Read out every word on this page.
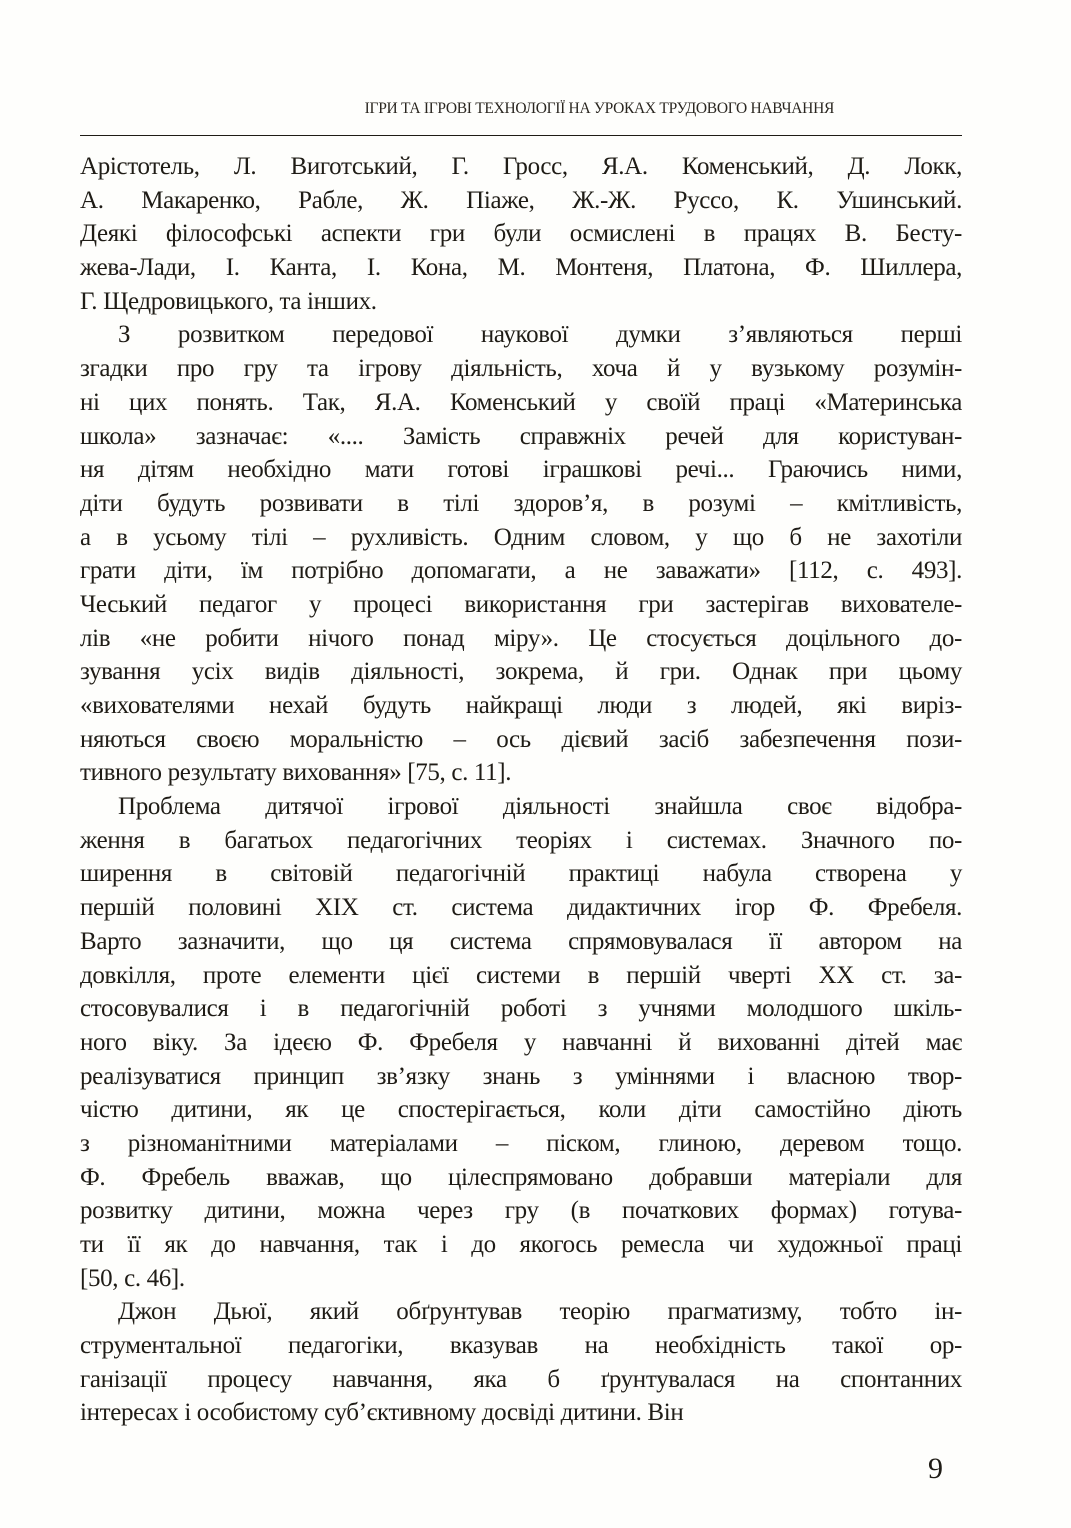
ІГРИ ТА ІГРОВІ ТЕХНОЛОГІЇ НА УРОКАХ ТРУДОВОГО НАВЧАННЯ
Арістотель, Л. Виготський, Г. Гросс, Я.А. Коменський, Д. Локк,
А. Макаренко, Рабле, Ж. Піаже, Ж.-Ж. Руссо, К. Ушинський.
Деякі філософські аспекти гри були осмислені в працях В. Бесту-
жева-Лади, І. Канта, І. Кона, М. Монтеня, Платона, Ф. Шиллера,
Г. Щедровицького, та інших.
З розвитком передової наукової думки з’являються перші
згадки про гру та ігрову діяльність, хоча й у вузькому розумін-
ні цих понять. Так, Я.А. Коменський у своїй праці «Материнська
школа» зазначає: «.... Замість справжніх речей для користуван-
ня дітям необхідно мати готові іграшкові речі... Граючись ними,
діти будуть розвивати в тілі здоров’я, в розумі – кмітливість,
а в усьому тілі – рухливість. Одним словом, у що б не захотіли
грати діти, їм потрібно допомагати, а не заважати» [112, с. 493].
Чеський педагог у процесі використання гри застерігав вихователе-
лів «не робити нічого понад міру». Це стосується доцільного до-
зування усіх видів діяльності, зокрема, й гри. Однак при цьому
«вихователями нехай будуть найкращі люди з людей, які виріз-
няються своєю моральністю – ось дієвий засіб забезпечення пози-
тивного результату виховання» [75, с. 11].
Проблема дитячої ігрової діяльності знайшла своє відобра-
ження в багатьох педагогічних теоріях і системах. Значного по-
ширення в світовій педагогічній практиці набула створена у
першій половині XIX ст. система дидактичних ігор Ф. Фребеля.
Варто зазначити, що ця система спрямовувалася її автором на
довкілля, проте елементи цієї системи в першій чверті XX ст. за-
стосовувалися і в педагогічній роботі з учнями молодшого шкіль-
ного віку. За ідеєю Ф. Фребеля у навчанні й вихованні дітей має
реалізуватися принцип зв’язку знань з уміннями і власною твор-
чістю дитини, як це спостерігається, коли діти самостійно діють
з різноманітними матеріалами – піском, глиною, деревом тощо.
Ф. Фребель вважав, що цілеспрямовано добравши матеріали для
розвитку дитини, можна через гру (в початкових формах) готува-
ти її як до навчання, так і до якогось ремесла чи художньої праці
[50, с. 46].
Джон Дьюї, який обґрунтував теорію прагматизму, тобто ін-
струментальної педагогіки, вказував на необхідність такої ор-
ганізації процесу навчання, яка б ґрунтувалася на спонтанних
інтересах і особистому суб’єктивному досвіді дитини. Він
9
